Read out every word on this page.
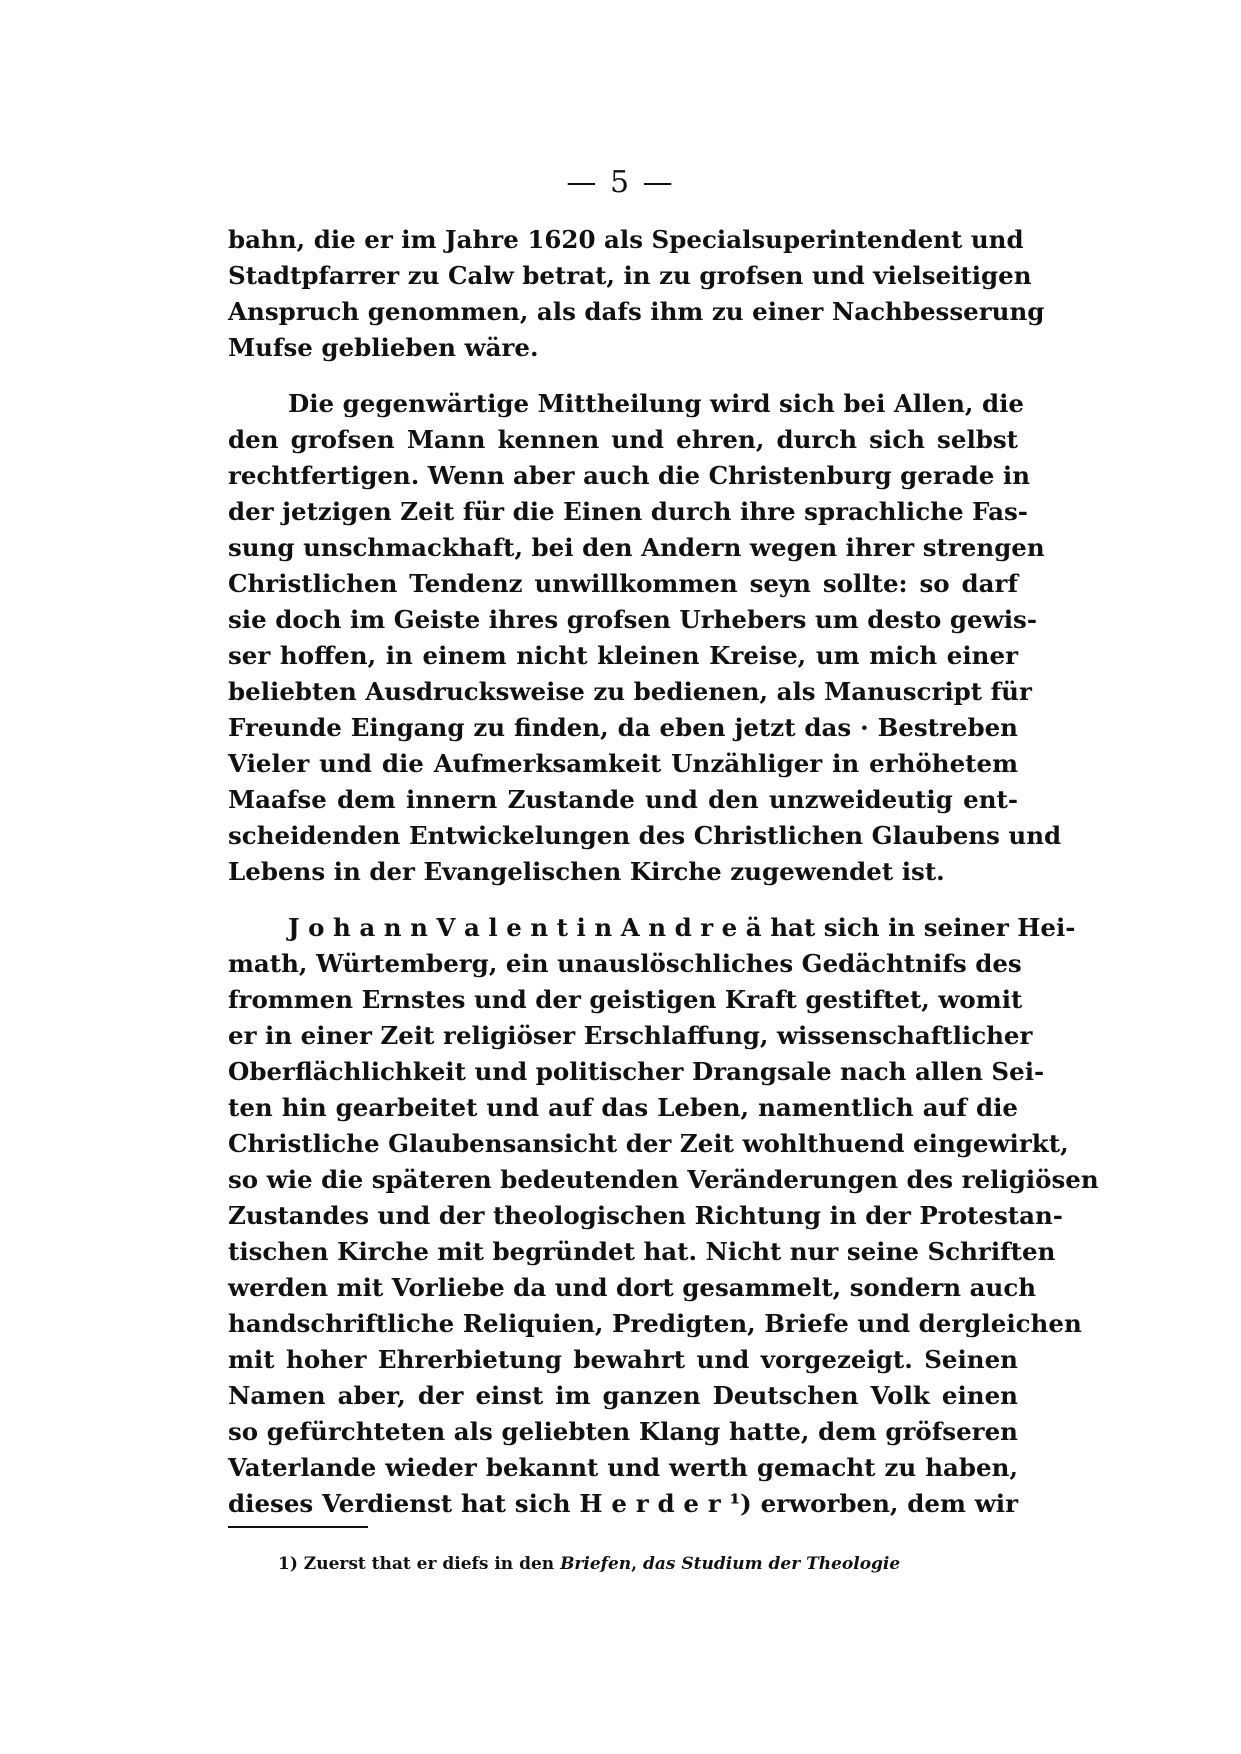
— 5 —
bahn, die er im Jahre 1620 als Specialsuperintendent und
Stadtpfarrer zu Calw betrat, in zu grofsen und vielseitigen
Anspruch genommen, als dafs ihm zu einer Nachbesserung
Mufse geblieben wäre.
Die gegenwärtige Mittheilung wird sich bei Allen, die
den grofsen Mann kennen und ehren, durch sich selbst
rechtfertigen. Wenn aber auch die Christenburg gerade in
der jetzigen Zeit für die Einen durch ihre sprachliche Fas-
sung unschmackhaft, bei den Andern wegen ihrer strengen
Christlichen Tendenz unwillkommen seyn sollte: so darf
sie doch im Geiste ihres grofsen Urhebers um desto gewis-
ser hoffen, in einem nicht kleinen Kreise, um mich einer
beliebten Ausdrucksweise zu bedienen, als Manuscript für
Freunde Eingang zu finden, da eben jetzt das · Bestreben
Vieler und die Aufmerksamkeit Unzähliger in erhöhetem
Maafse dem innern Zustande und den unzweideutig ent-
scheidenden Entwickelungen des Christlichen Glaubens und
Lebens in der Evangelischen Kirche zugewendet ist.
J o h a n n V a l e n t i n A n d r e ä hat sich in seiner Hei-
math, Würtemberg, ein unauslöschliches Gedächtnifs des
frommen Ernstes und der geistigen Kraft gestiftet, womit
er in einer Zeit religiöser Erschlaffung, wissenschaftlicher
Oberflächlichkeit und politischer Drangsale nach allen Sei-
ten hin gearbeitet und auf das Leben, namentlich auf die
Christliche Glaubensansicht der Zeit wohlthuend eingewirkt,
so wie die späteren bedeutenden Veränderungen des religiösen
Zustandes und der theologischen Richtung in der Protestan-
tischen Kirche mit begründet hat. Nicht nur seine Schriften
werden mit Vorliebe da und dort gesammelt, sondern auch
handschriftliche Reliquien, Predigten, Briefe und dergleichen
mit hoher Ehrerbietung bewahrt und vorgezeigt. Seinen
Namen aber, der einst im ganzen Deutschen Volk einen
so gefürchteten als geliebten Klang hatte, dem gröfseren
Vaterlande wieder bekannt und werth gemacht zu haben,
dieses Verdienst hat sich H e r d e r ¹) erworben, dem wir
1) Zuerst that er diefs in den Briefen, das Studium der Theologie
